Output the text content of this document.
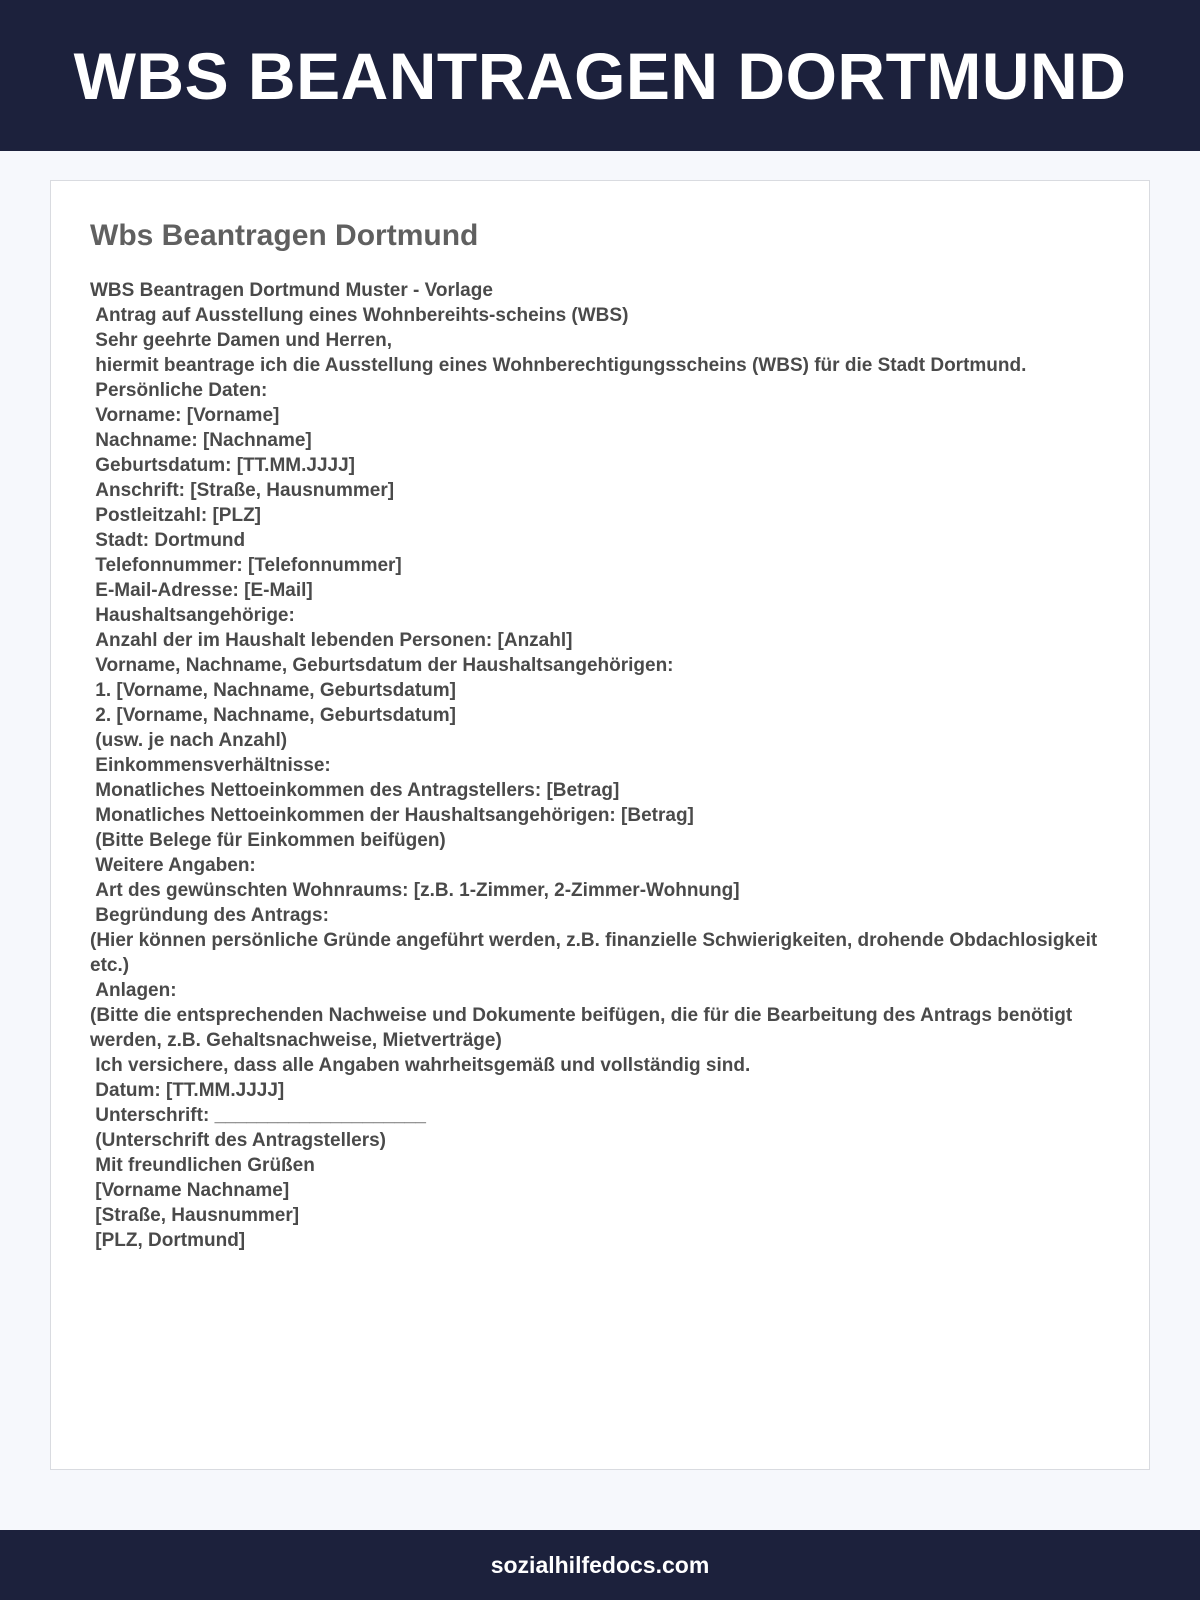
WBS BEANTRAGEN DORTMUND
Wbs Beantragen Dortmund
WBS Beantragen Dortmund Muster - Vorlage
Antrag auf Ausstellung eines Wohnbereihts-scheins (WBS)
Sehr geehrte Damen und Herren,
hiermit beantrage ich die Ausstellung eines Wohnberechtigungsscheins (WBS) für die Stadt Dortmund.
Persönliche Daten:
Vorname: [Vorname]
Nachname: [Nachname]
Geburtsdatum: [TT.MM.JJJJ]
Anschrift: [Straße, Hausnummer]
Postleitzahl: [PLZ]
Stadt: Dortmund
Telefonnummer: [Telefonnummer]
E-Mail-Adresse: [E-Mail]
Haushaltsangehörige:
Anzahl der im Haushalt lebenden Personen: [Anzahl]
Vorname, Nachname, Geburtsdatum der Haushaltsangehörigen:
1. [Vorname, Nachname, Geburtsdatum]
2. [Vorname, Nachname, Geburtsdatum]
(usw. je nach Anzahl)
Einkommensverhältnisse:
Monatliches Nettoeinkommen des Antragstellers: [Betrag]
Monatliches Nettoeinkommen der Haushaltsangehörigen: [Betrag]
(Bitte Belege für Einkommen beifügen)
Weitere Angaben:
Art des gewünschten Wohnraums: [z.B. 1-Zimmer, 2-Zimmer-Wohnung]
Begründung des Antrags:
(Hier können persönliche Gründe angeführt werden, z.B. finanzielle Schwierigkeiten, drohende Obdachlosigkeit etc.)
Anlagen:
(Bitte die entsprechenden Nachweise und Dokumente beifügen, die für die Bearbeitung des Antrags benötigt werden, z.B. Gehaltsnachweise, Mietverträge)
Ich versichere, dass alle Angaben wahrheitsgemäß und vollständig sind.
Datum: [TT.MM.JJJJ]
Unterschrift: ____________________
(Unterschrift des Antragstellers)
Mit freundlichen Grüßen
[Vorname Nachname]
[Straße, Hausnummer]
[PLZ, Dortmund]
sozialhilfedocs.com
